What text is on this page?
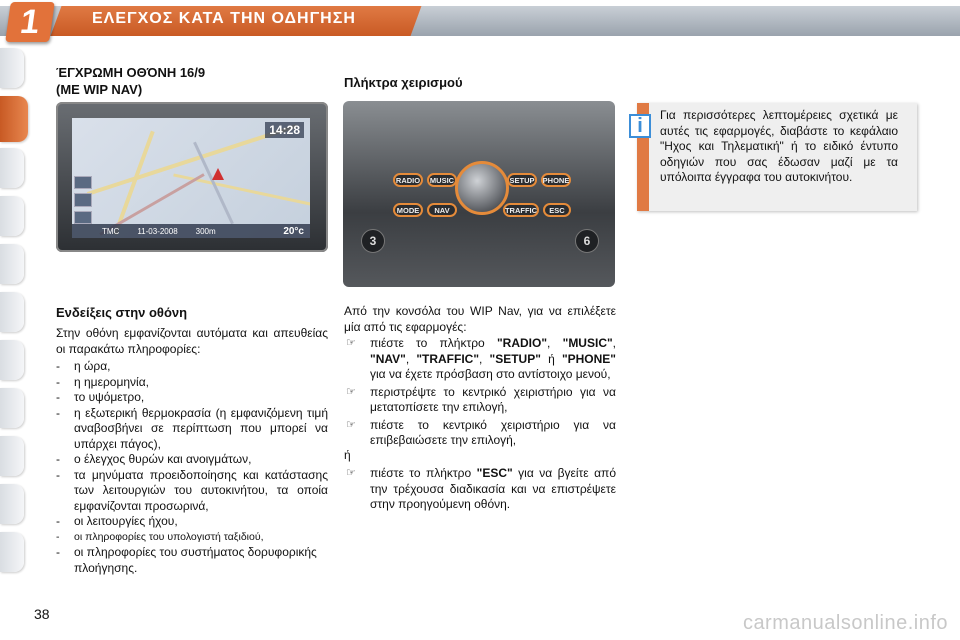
1	ΕΛΕΓΧΟΣ ΚΑΤΑ ΤΗΝ ΟΔΗΓΗΣΗ
ΈΓΧΡΩΜΗ ΟΘΌΝΗ 16/9
(ΜΕ WIP NAV)
14:28
TMC 11-03-2008 300m	20°c
Ενδείξεις στην οθόνη
Στην οθόνη εμφανίζονται αυτόματα και απευθείας οι παρακάτω πληροφορίες:
- η ώρα,
- η ημερομηνία,
- το υψόμετρο,
- η εξωτερική θερμοκρασία (η εμφανιζόμενη τιμή αναβοσβήνει σε περίπτωση που μπορεί να υπάρχει πάγος),
- ο έλεγχος θυρών και ανοιγμάτων,
- τα μηνύματα προειδοποίησης και κατάστασης των λειτουργιών του αυτοκινήτου, τα οποία εμφανίζονται προσωρινά,
- οι λειτουργίες ήχου,
- οι πληροφορίες του υπολογιστή ταξιδιού,
- οι πληροφορίες του συστήματος δορυφορικής πλοήγησης.
Πλήκτρα χειρισμού
RADIO	MUSIC	SETUP	PHONE
MODE	NAV	TRAFFIC	ESC
3	6
Από την κονσόλα του WIP Nav, για να επιλέξετε μία από τις εφαρμογές:
☞ πιέστε το πλήκτρο "RADIO", "MUSIC", "NAV", "TRAFFIC", "SETUP" ή "PHONE" για να έχετε πρόσβαση στο αντίστοιχο μενού,
☞ περιστρέψτε το κεντρικό χειριστήριο για να μετατοπίσετε την επιλογή,
☞ πιέστε το κεντρικό χειριστήριο για να επιβεβαιώσετε την επιλογή,
ή
☞ πιέστε το πλήκτρο "ESC" για να βγείτε από την τρέχουσα διαδικασία και να επιστρέψετε στην προηγούμενη οθόνη.
i	Για περισσότερες λεπτομέρειες σχετικά με αυτές τις εφαρμογές, διαβάστε το κεφάλαιο "Ηχος και Τηλεματική" ή το ειδικό έντυπο οδηγιών που σας έδωσαν μαζί με τα υπόλοιπα έγγραφα του αυτοκινήτου.
38	carmanualsonline.info
